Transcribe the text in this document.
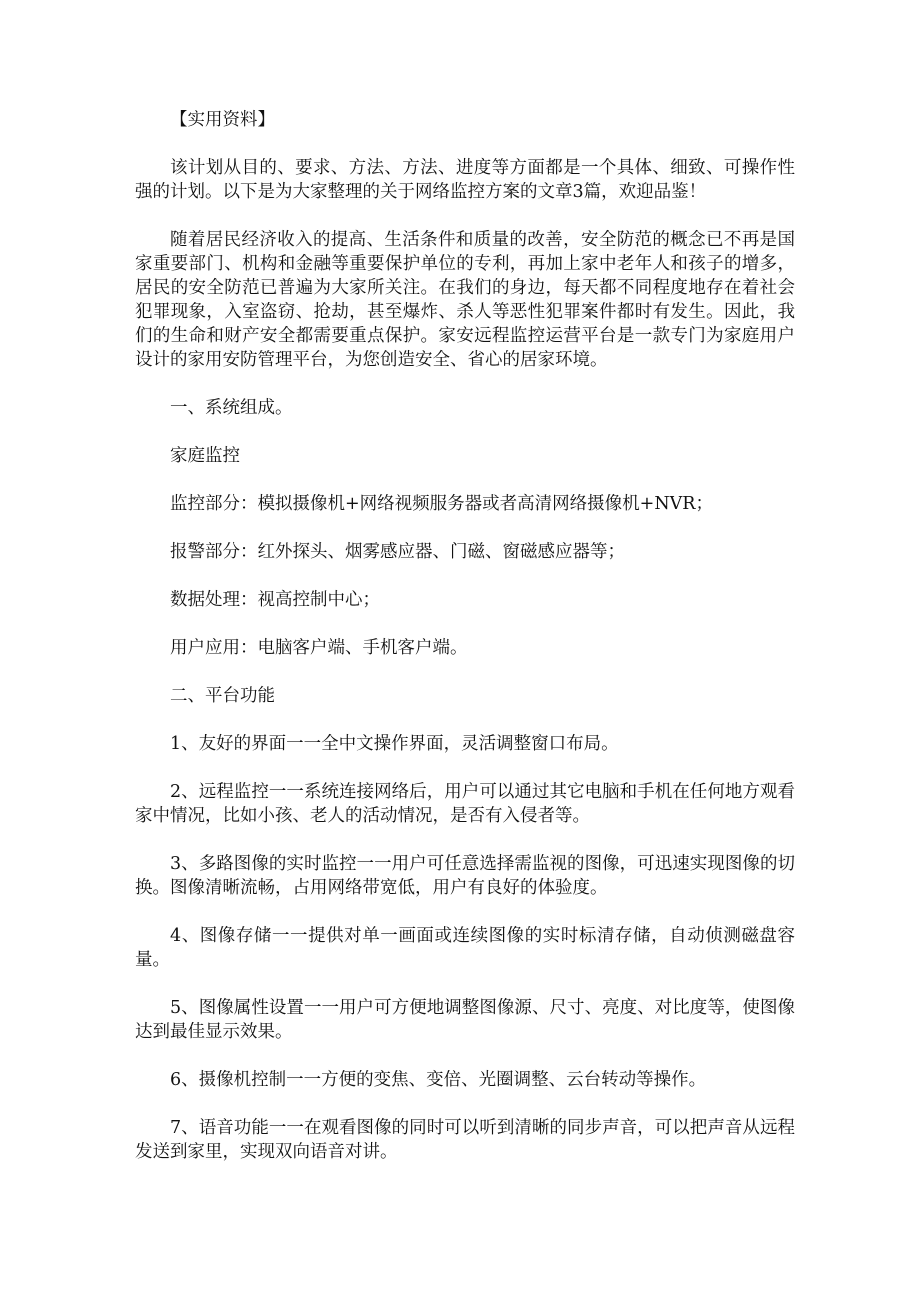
【实用资料】

该计划从目的、要求、方法、方法、进度等方面都是一个具体、细致、可操作性强的计划。以下是为大家整理的关于网络监控方案的文章3篇，欢迎品鉴！

随着居民经济收入的提高、生活条件和质量的改善，安全防范的概念已不再是国家重要部门、机构和金融等重要保护单位的专利，再加上家中老年人和孩子的增多，居民的安全防范已普遍为大家所关注。在我们的身边，每天都不同程度地存在着社会犯罪现象，入室盗窃、抢劫，甚至爆炸、杀人等恶性犯罪案件都时有发生。因此，我们的生命和财产安全都需要重点保护。家安远程监控运营平台是一款专门为家庭用户设计的家用安防管理平台，为您创造安全、省心的居家环境。

一、系统组成。

家庭监控

监控部分：模拟摄像机+网络视频服务器或者高清网络摄像机+NVR；

报警部分：红外探头、烟雾感应器、门磁、窗磁感应器等；

数据处理：视高控制中心；

用户应用：电脑客户端、手机客户端。

二、平台功能

1、友好的界面一一全中文操作界面，灵活调整窗口布局。

2、远程监控一一系统连接网络后，用户可以通过其它电脑和手机在任何地方观看家中情况，比如小孩、老人的活动情况，是否有入侵者等。

3、多路图像的实时监控一一用户可任意选择需监视的图像，可迅速实现图像的切换。图像清晰流畅，占用网络带宽低，用户有良好的体验度。

4、图像存储一一提供对单一画面或连续图像的实时标清存储，自动侦测磁盘容量。

5、图像属性设置一一用户可方便地调整图像源、尺寸、亮度、对比度等，使图像达到最佳显示效果。

6、摄像机控制一一方便的变焦、变倍、光圈调整、云台转动等操作。

7、语音功能一一在观看图像的同时可以听到清晰的同步声音，可以把声音从远程发送到家里，实现双向语音对讲。
